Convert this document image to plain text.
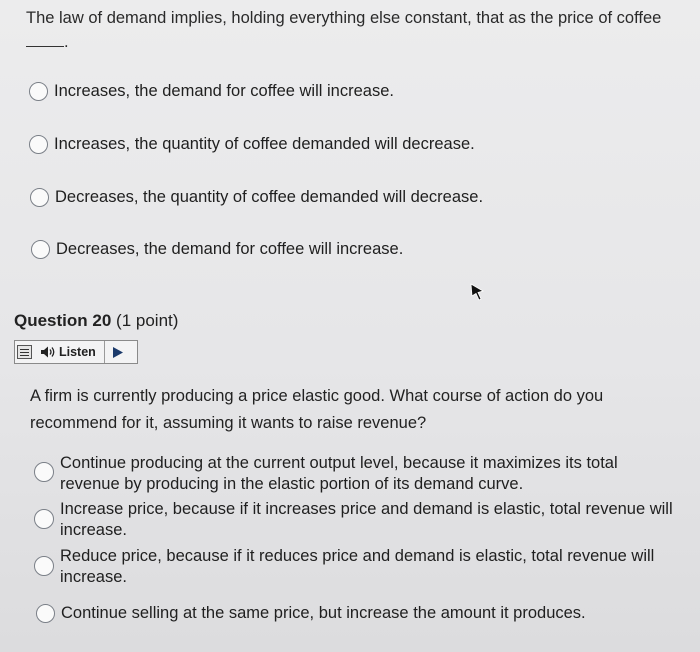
The law of demand implies, holding everything else constant, that as the price of coffee .
Increases, the demand for coffee will increase.
Increases, the quantity of coffee demanded will decrease.
Decreases, the quantity of coffee demanded will decrease.
Decreases, the demand for coffee will increase.
Question 20 (1 point)
Listen
A firm is currently producing a price elastic good. What course of action do you recommend for it, assuming it wants to raise revenue?
Continue producing at the current output level, because it maximizes its total revenue by producing in the elastic portion of its demand curve.
Increase price, because if it increases price and demand is elastic, total revenue will increase.
Reduce price, because if it reduces price and demand is elastic, total revenue will increase.
Continue selling at the same price, but increase the amount it produces.
